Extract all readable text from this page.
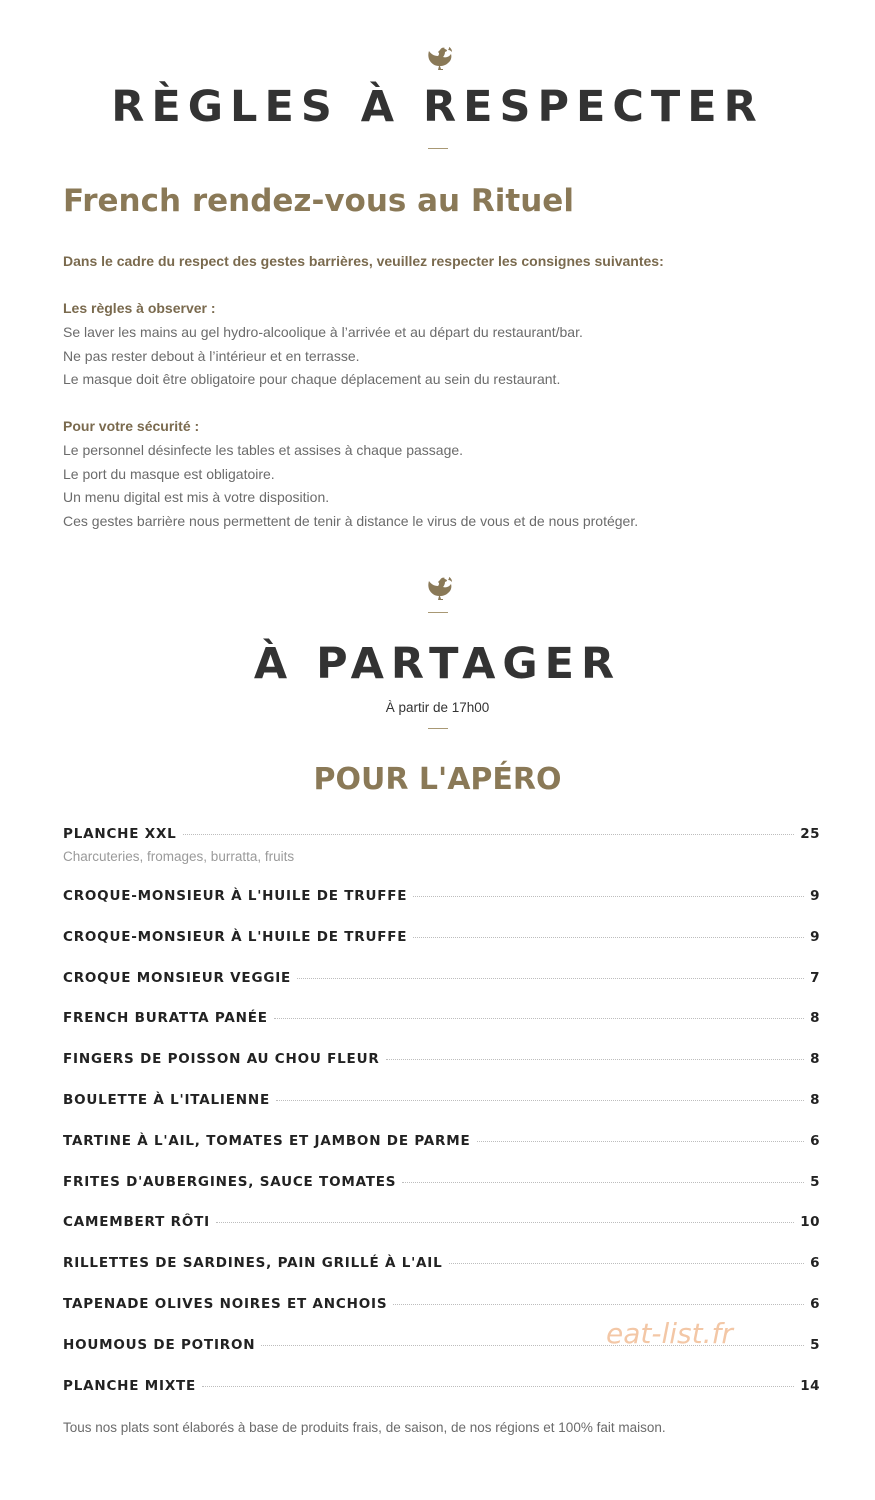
RÈGLES À RESPECTER
French rendez-vous au Rituel
Dans le cadre du respect des gestes barrières, veuillez respecter les consignes suivantes:
Les règles à observer :
Se laver les mains au gel hydro-alcoolique à l’arrivée et au départ du restaurant/bar.
Ne pas rester debout à l’intérieur et en terrasse.
Le masque doit être obligatoire pour chaque déplacement au sein du restaurant.
Pour votre sécurité :
Le personnel désinfecte les tables et assises à chaque passage.
Le port du masque est obligatoire.
Un menu digital est mis à votre disposition.
Ces gestes barrière nous permettent de tenir à distance le virus de vous et de nous protéger.
À PARTAGER
À partir de 17h00
POUR L'APÉRO
PLANCHE XXL	25
Charcuteries, fromages, burratta, fruits
CROQUE-MONSIEUR À L'HUILE DE TRUFFE	9
CROQUE-MONSIEUR À L'HUILE DE TRUFFE	9
CROQUE MONSIEUR VEGGIE	7
FRENCH BURATTA PANÉE	8
FINGERS DE POISSON AU CHOU FLEUR	8
BOULETTE À L'ITALIENNE	8
TARTINE À L'AIL, TOMATES ET JAMBON DE PARME	6
FRITES D'AUBERGINES, SAUCE TOMATES	5
CAMEMBERT RÔTI	10
RILLETTES DE SARDINES, PAIN GRILLÉ À L'AIL	6
TAPENADE OLIVES NOIRES ET ANCHOIS	6
HOUMOUS DE POTIRON	5
PLANCHE MIXTE	14
Tous nos plats sont élaborés à base de produits frais, de saison, de nos régions et 100% fait maison.
eat-list.fr
